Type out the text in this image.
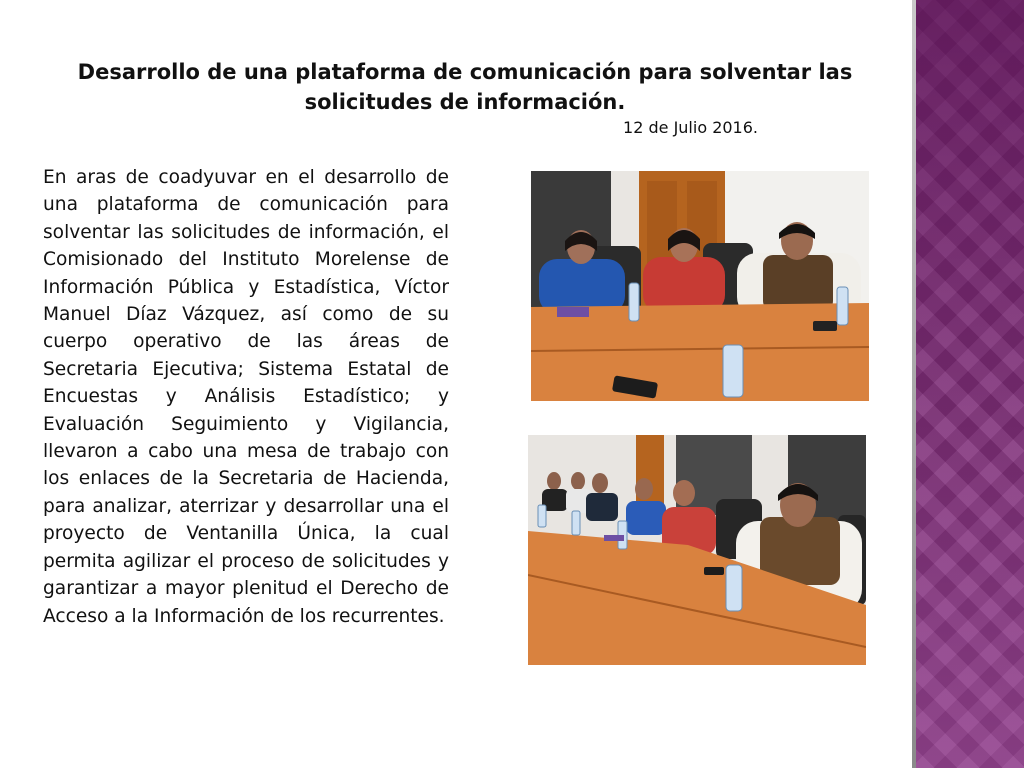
Desarrollo de una plataforma de comunicación para solventar las solicitudes de información.

12 de Julio 2016.

En aras de coadyuvar en el desarrollo de una plataforma de comunicación para solventar las solicitudes de información, el Comisionado del Instituto Morelense de Información Pública y Estadística, Víctor Manuel Díaz Vázquez, así como de su cuerpo operativo de las áreas de Secretaria Ejecutiva; Sistema Estatal de Encuestas y Análisis Estadístico; y Evaluación Seguimiento y Vigilancia, llevaron a cabo una mesa de trabajo con los enlaces de la Secretaria de Hacienda, para analizar, aterrizar y desarrollar una el proyecto de Ventanilla Única, la cual permita agilizar el proceso de solicitudes y garantizar a mayor plenitud el Derecho de Acceso a la Información de los recurrentes.
